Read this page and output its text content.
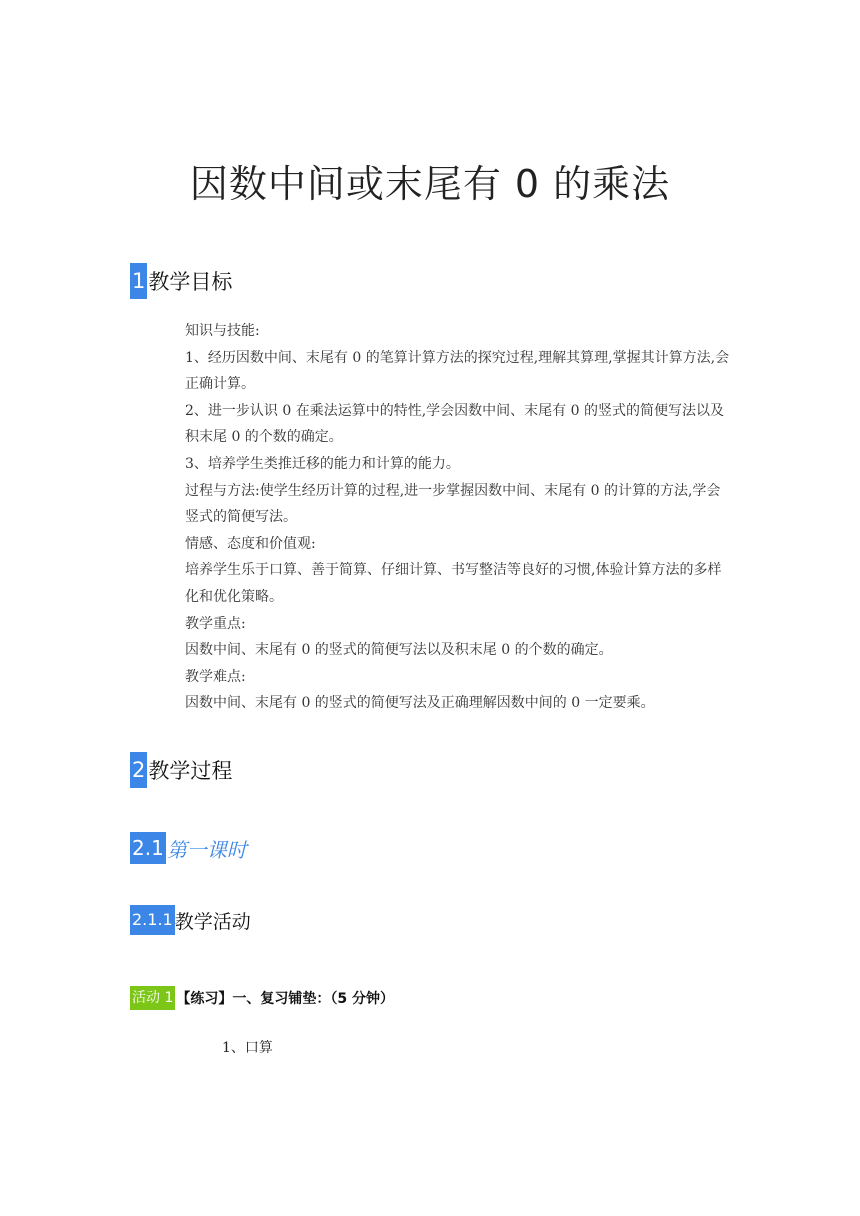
因数中间或末尾有 0 的乘法
1 教学目标

知识与技能:

1、经历因数中间、末尾有 0 的笔算计算方法的探究过程,理解其算理,掌握其计算方法,会正确计算。

2、进一步认识 0 在乘法运算中的特性,学会因数中间、末尾有 0 的竖式的简便写法以及积末尾 0 的个数的确定。

3、培养学生类推迁移的能力和计算的能力。

过程与方法:使学生经历计算的过程,进一步掌握因数中间、末尾有 0 的计算的方法,学会竖式的简便写法。

情感、态度和价值观:

培养学生乐于口算、善于简算、仔细计算、书写整洁等良好的习惯,体验计算方法的多样化和优化策略。

教学重点:

因数中间、末尾有 0 的竖式的简便写法以及积末尾 0 的个数的确定。

教学难点:

因数中间、末尾有 0 的竖式的简便写法及正确理解因数中间的 0 一定要乘。

2 教学过程
2.1 第一课时
2.1.1 教学活动
活动 1 【练习】一、复习铺垫：（5 分钟）
1、口算
